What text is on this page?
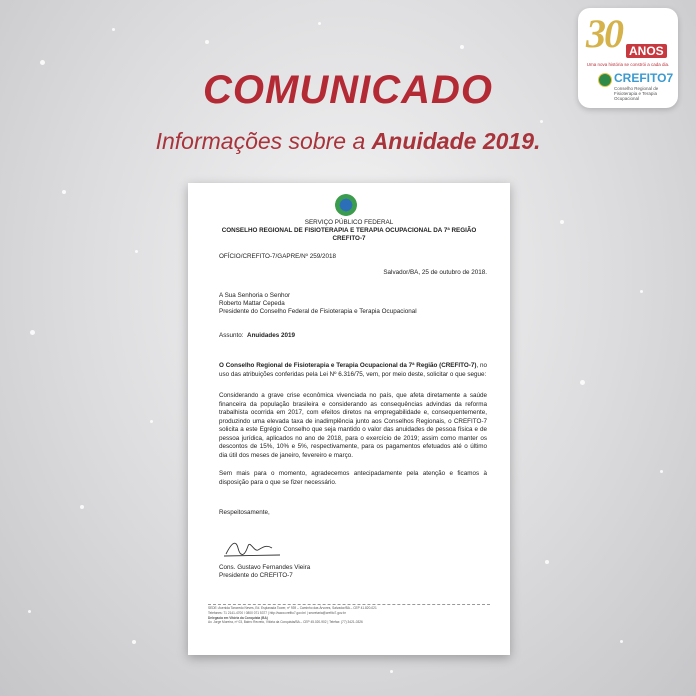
30 ANOS
Uma nova história se constrói a cada dia.
CREFITO7
Conselho Regional de Fisioterapia e Terapia Ocupacional
COMUNICADO
Informações sobre a Anuidade 2019.
SERVIÇO PÚBLICO FEDERAL
CONSELHO REGIONAL DE FISIOTERAPIA E TERAPIA OCUPACIONAL DA 7ª REGIÃO
CREFITO-7
OFÍCIO/CREFITO-7/GAPRE/Nº 259/2018
Salvador/BA, 25 de outubro de 2018.
A Sua Senhoria o Senhor
Roberto Mattar Cepeda
Presidente do Conselho Federal de Fisioterapia e Terapia Ocupacional
Assunto: Anuidades 2019
O Conselho Regional de Fisioterapia e Terapia Ocupacional da 7ª Região (CREFITO-7), no uso das atribuições conferidas pela Lei Nº 6.316/75, vem, por meio deste, solicitar o que segue:
Considerando a grave crise econômica vivenciada no país, que afeta diretamente a saúde financeira da população brasileira e considerando as consequências advindas da reforma trabalhista ocorrida em 2017, com efeitos diretos na empregabilidade e, consequentemente, produzindo uma elevada taxa de inadimplência junto aos Conselhos Regionais, o CREFITO-7 solicita a este Egrégio Conselho que seja mantido o valor das anuidades de pessoa física e de pessoa jurídica, aplicados no ano de 2018, para o exercício de 2019; assim como manter os descontos de 15%, 10% e 5%, respectivamente, para os pagamentos efetuados até o último dia útil dos meses de janeiro, fevereiro e março.
Sem mais para o momento, agradecemos antecipadamente pela atenção e ficamos à disposição para o que se fizer necessário.
Respeitosamente,
Cons. Gustavo Fernandes Vieira
Presidente do CREFITO-7
SEDE: Avenida Tancredo Neves, Ed. Esplanada Tower, nº 939 – Caminho das Árvores, Salvador/BA – CEP 41.820-021
Telefones: 71 2141-4700 / 0800 071 5377 | http://www.crefito7.gov.br/ | secretaria@crefito7.gov.br
Delegacia em Vitória da Conquista (BA)
Av. Jorge Moreira, nº 03, Bairro Recreio, Vitória da Conquista/BA – CEP 45.020-902 | Telefax: (77) 3421-0326
